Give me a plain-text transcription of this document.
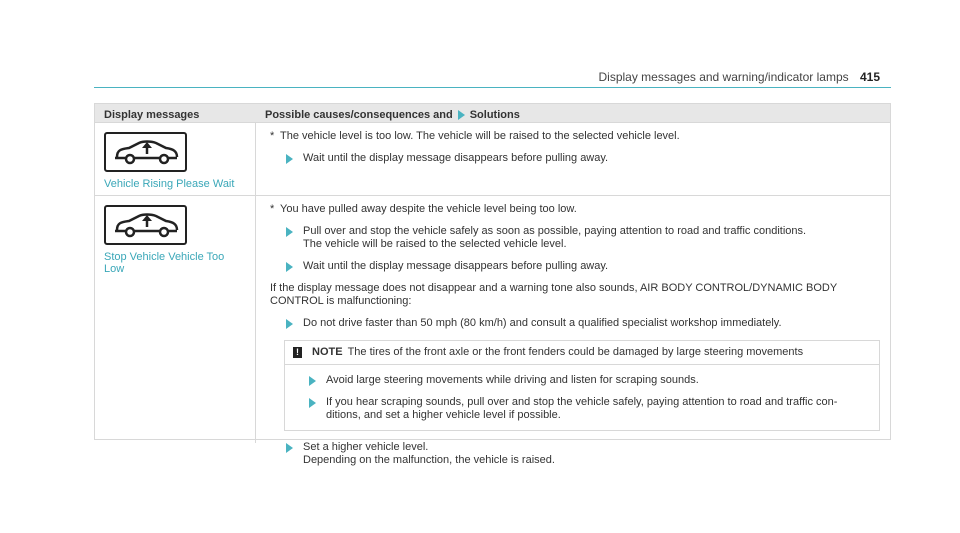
Display messages and warning/indicator lamps 415
Display messages	Possible causes/consequences and Solutions
Vehicle Rising Please Wait

* The vehicle level is too low. The vehicle will be raised to the selected vehicle level.

Wait until the display message disappears before pulling away.
Stop Vehicle Vehicle Too
Low

* You have pulled away despite the vehicle level being too low.

Pull over and stop the vehicle safely as soon as possible, paying attention to road and traffic conditions.
The vehicle will be raised to the selected vehicle level.
Wait until the display message disappears before pulling away.

If the display message does not disappear and a warning tone also sounds, AIR BODY CONTROL/DYNAMIC BODY
CONTROL is malfunctioning:

Do not drive faster than 50 mph (80 km/h) and consult a qualified specialist workshop immediately.
! NOTE The tires of the front axle or the front fenders could be damaged by large steering movements
Avoid large steering movements while driving and listen for scraping sounds.
If you hear scraping sounds, pull over and stop the vehicle safely, paying attention to road and traffic con-
ditions, and set a higher vehicle level if possible.
Set a higher vehicle level.
Depending on the malfunction, the vehicle is raised.
